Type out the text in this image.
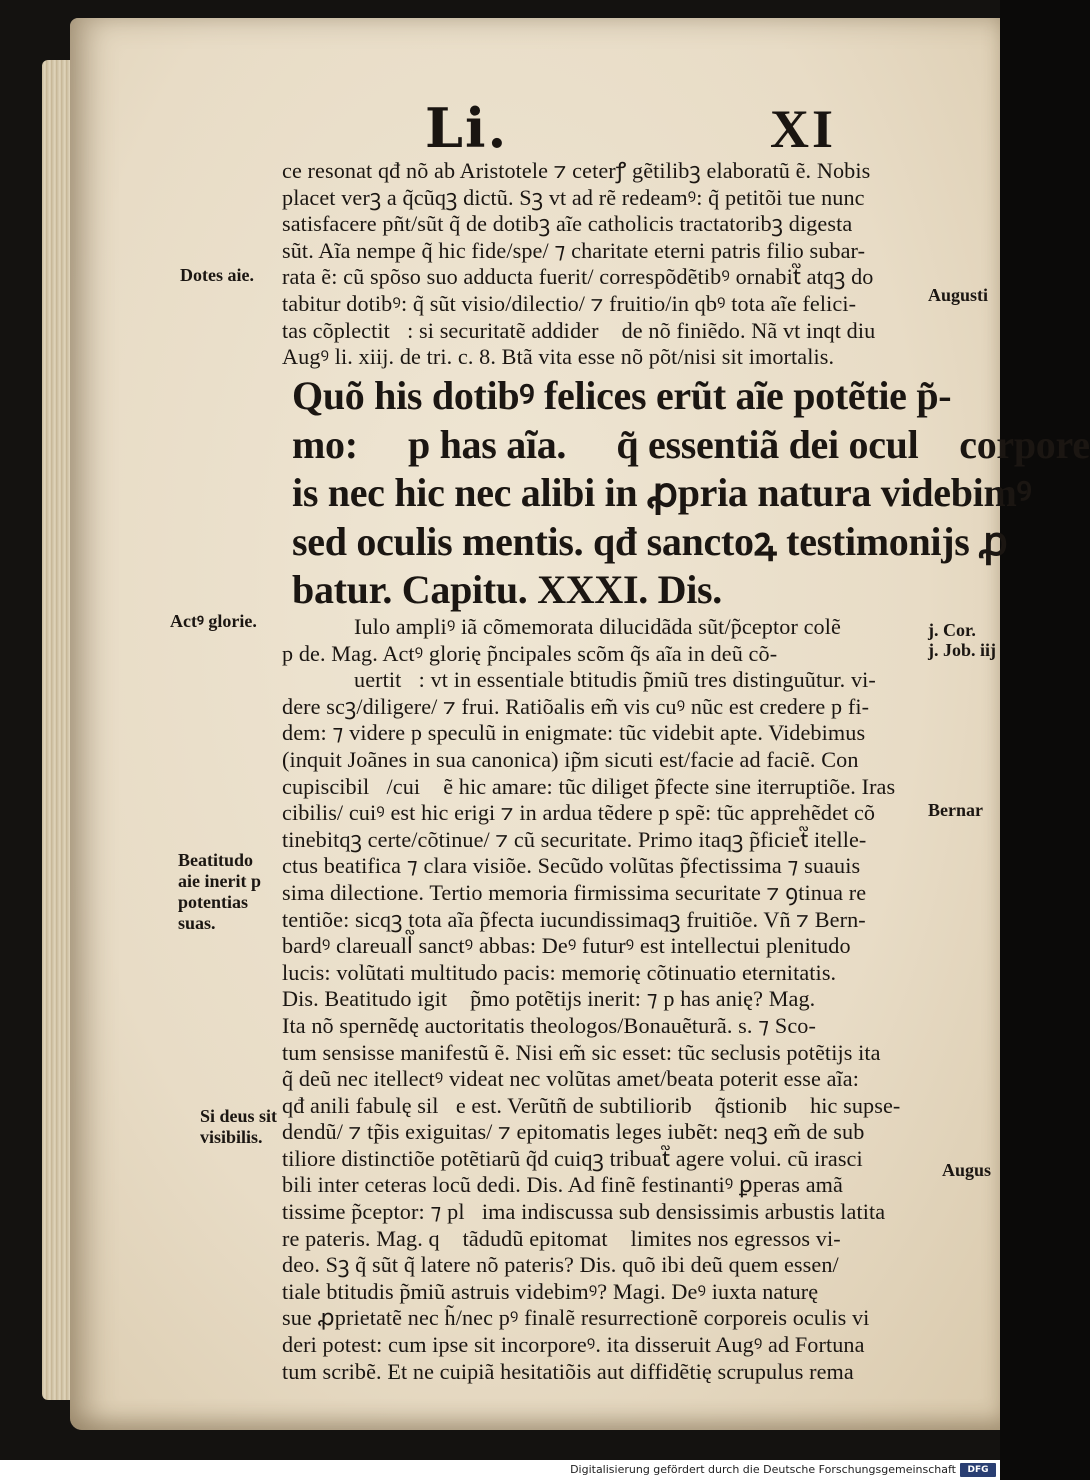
Li.	XI
ce resonat qđ nõ ab Aristotele ⁊ ceterꝭ gẽtilibꝫ elaboratũ ẽ. Nobis
placet verꝫ a q̃cũqꝫ dictũ. Sꝫ vt ad rẽ redeamꝰ: q̃ petitõi tue nunc
satisfacere pñt/sũt q̃ de dotibꝫ aĩe catholicis tractatoribꝫ digesta
sũt. Aĩa nempe q̃ hic fide/spe/ ⁊ charitate eterni patris filio subar-
rata ẽ: cũ spõso suo adducta fuerit/ correspõdẽtibꝰ ornabit᷑ atqꝫ do
tabitur dotibꝰ: q̃ sũt visio/dilectio/ ⁊ fruitio/in qbꝰ tota aĩe felici-
tas cõplectit᷑: si securitatẽ addiderꝭ de nõ finiẽdo. Nã vt inqt diuꝰ
Augꝰ li. xiij. de tri. c. 8. Btã vita esse nõ põt/nisi sit imortalis.
Quõ his dotibꝰ felices erũt aĩe potẽtie p̃-
mo: ⁊ p has aĩa. ⁊ q̃ essentiã dei ocul᷑ corpore
is nec hic nec alibi in ꝓpria natura videbimꝰ
sed oculis mentis. qđ sanctoꝝ testimonijs ꝓ
batur. Capitu. XXXI. Dis.
Iulo ampliꝰ iã cõmemorata dilucidãda sũt/p̃ceptor colẽ
p de. Mag. Actꝰ glorię p̃ncipales scõm q̃s aĩa in deũ cõ-
uertit᷑: vt in essentiale btitudis p̃miũ tres distinguũtur. vi-
dere scꝫ/diligere/ ⁊ frui. Ratiõalis em̃ vis cuꝰ nũc est credere p fi-
dem: ⁊ videre p speculũ in enigmate: tũc videbit apte. Videbimus
(inquit Joãnes in sua canonica) ip̃m sicuti est/facie ad faciẽ. Con
cupiscibil᷑/cuiꝰ ẽ hic amare: tũc diliget p̃fecte sine iterruptiõe. Iras
cibilis/ cuiꝰ est hic erigi ⁊ in ardua tẽdere p spẽ: tũc apprehẽdet cõ
tinebitqꝫ certe/cõtinue/ ⁊ cũ securitate. Primo itaqꝫ p̃ficiet᷑ itelle-
ctus beatifica ⁊ clara visiõe. Secũdo volũtas p̃fectissima ⁊ suauis
sima dilectione. Tertio memoria firmissima securitate ⁊ ꝯtinua re
tentiõe: sicqꝫ tota aĩa p̃fecta iucundissimaqꝫ fruitiõe. Vñ ⁊ Bern-
bardꝰ clareuall᷑ sanctꝰ abbas: Deꝰ futurꝰ est intellectui plenitudo
lucis: volũtati multitudo pacis: memorię cõtinuatio eternitatis.
Dis. Beatitudo igit᷑ p̃mo potẽtijs inerit: ⁊ p has anię? Mag.
Ita nõ spernẽdę auctoritatis theologos/Bonauẽturã. s. ⁊ Sco-
tum sensisse manifestũ ẽ. Nisi em̃ sic esset: tũc seclusis potẽtijs ita
q̃ deũ nec itellectꝰ videat nec volũtas amet/beata poterit esse aĩa:
qđ anili fabulę sil᷑e est. Verũtñ de subtilioribꝫ q̃stionibꝫ hic supse-
dendũ/ ⁊ tp̃is exiguitas/ ⁊ epitomatis leges iubẽt: neqꝫ em̃ de sub
tiliore distinctiõe potẽtiarũ q̃d cuiqꝫ tribuat᷑ agere volui. cũ irasci
bili inter ceteras locũ dedi. Dis. Ad finẽ festinantiꝰ ꝑperas amã
tissime p̃ceptor: ⁊ pl᷑ima indiscussa sub densissimis arbustis latita
re pateris. Mag. q᷑ tãdudũ epitomatꝭ limites nos egressos vi-
deo. Sꝫ q̃ sũt q̃ latere nõ pateris? Dis. quõ ibi deũ quem essen/
tiale btitudis p̃miũ astruis videbimꝰ? Magi. Deꝰ iuxta naturę
sue ꝓprietatẽ nec h̃/nec pꝰ finalẽ resurrectionẽ corporeis oculis vi
deri potest: cum ipse sit incorporeꝰ. ita disseruit Augꝰ ad Fortuna
tum scribẽ. Et ne cuipiã hesitatiõis aut diffidẽtię scrupulus rema
Dotes aie.
Actꝰ glorie.
Beatitudo
aie inerit p
potentias
suas.
Si deus sit
visibilis.
Augusti
j. Cor.
j. Job. iij
Bernar
Augus
Digitalisierung gefördert durch die Deutsche Forschungsgemeinschaft	DFG
